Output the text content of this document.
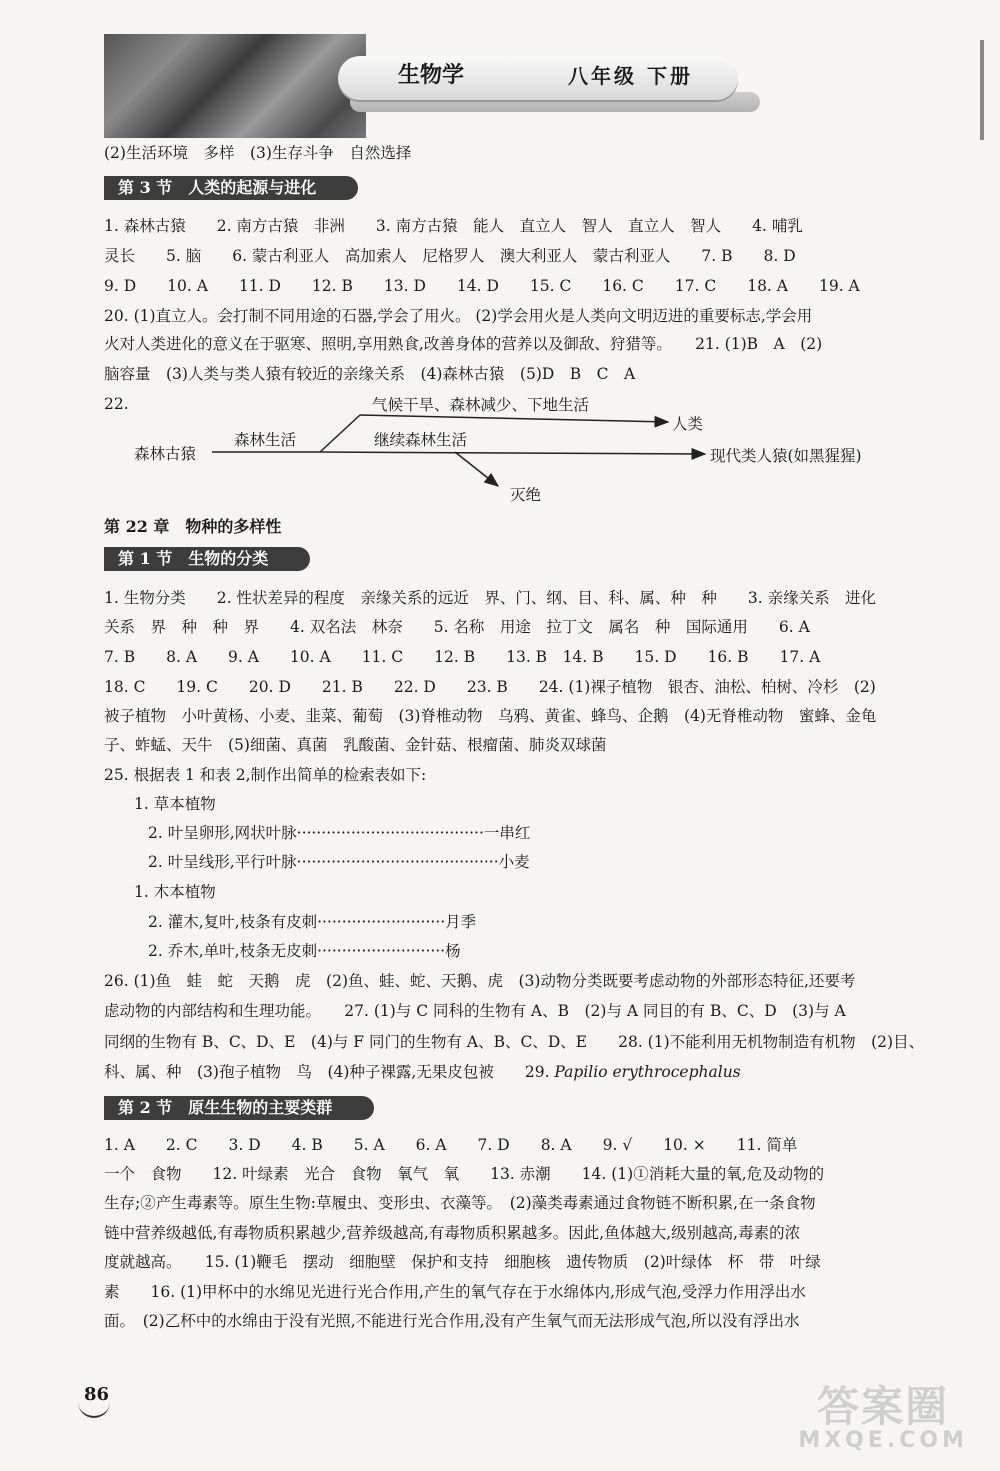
生物学	八年级 下册
(2)生活环境　多样　(3)生存斗争　自然选择
第 3 节　人类的起源与进化
1. 森林古猿　　2. 南方古猿　非洲　　3. 南方古猿　能人　直立人　智人　直立人　智人　　4. 哺乳
灵长　　5. 脑　　6. 蒙古利亚人　高加索人　尼格罗人　澳大利亚人　蒙古利亚人　　7. B　　8. D
9. D　　10. A　　11. D　　12. B　　13. D　　14. D　　15. C　　16. C　　17. C　　18. A　　19. A
20. (1)直立人。会打制不同用途的石器,学会了用火。 (2)学会用火是人类向文明迈进的重要标志,学会用
火对人类进化的意义在于驱寒、照明,享用熟食,改善身体的营养以及御敌、狩猎等。　　21. (1)B　A　(2)
脑容量　(3)人类与类人猿有较近的亲缘关系　(4)森林古猿　(5)D　B　C　A
22.
森林古猿
森林生活
气候干旱、森林减少、下地生活
人类
继续森林生活
现代类人猿(如黑猩猩)
灭绝
第 22 章　物种的多样性
第 1 节　生物的分类
1. 生物分类　　2. 性状差异的程度　亲缘关系的远近　界、门、纲、目、科、属、种　种　　3. 亲缘关系　进化
关系　界　种　种　界　　4. 双名法　林奈　　5. 名称　用途　拉丁文　属名　种　国际通用　　6. A
7. B　　8. A　　9. A　　10. A　　11. C　　12. B　　13. B　14. B　　15. D　　16. B　　17. A
18. C　　19. C　　20. D　　21. B　　22. D　　23. B　　24. (1)裸子植物　银杏、油松、柏树、冷杉　(2)
被子植物　小叶黄杨、小麦、韭菜、葡萄　(3)脊椎动物　乌鸦、黄雀、蜂鸟、企鹅　(4)无脊椎动物　蜜蜂、金龟
子、蚱蜢、天牛　(5)细菌、真菌　乳酸菌、金针菇、根瘤菌、肺炎双球菌
25. 根据表 1 和表 2,制作出简单的检索表如下:
1. 草本植物
2. 叶呈卵形,网状叶脉······································一串红
2. 叶呈线形,平行叶脉·········································小麦
1. 木本植物
2. 灌木,复叶,枝条有皮刺··························月季
2. 乔木,单叶,枝条无皮刺··························杨
26. (1)鱼　蛙　蛇　天鹅　虎　(2)鱼、蛙、蛇、天鹅、虎　(3)动物分类既要考虑动物的外部形态特征,还要考
虑动物的内部结构和生理功能。　　27. (1)与 C 同科的生物有 A、B　(2)与 A 同目的有 B、C、D　(3)与 A
同纲的生物有 B、C、D、E　(4)与 F 同门的生物有 A、B、C、D、E　　28. (1)不能利用无机物制造有机物　(2)目、
科、属、种　(3)孢子植物　鸟　(4)种子裸露,无果皮包被　　29. Papilio erythrocephalus
第 2 节　原生生物的主要类群
1. A　　2. C　　3. D　　4. B　　5. A　　6. A　　7. D　　8. A　　9. √　　10. ×　　11. 简单
一个　食物　　12. 叶绿素　光合　食物　氧气　氧　　13. 赤潮　　14. (1)①消耗大量的氧,危及动物的
生存;②产生毒素等。原生生物:草履虫、变形虫、衣藻等。　(2)藻类毒素通过食物链不断积累,在一条食物
链中营养级越低,有毒物质积累越少,营养级越高,有毒物质积累越多。因此,鱼体越大,级别越高,毒素的浓
度就越高。　　15. (1)鞭毛　摆动　细胞壁　保护和支持　细胞核　遗传物质　(2)叶绿体　杯　带　叶绿
素　　16. (1)甲杯中的水绵见光进行光合作用,产生的氧气存在于水绵体内,形成气泡,受浮力作用浮出水
面。　(2)乙杯中的水绵由于没有光照,不能进行光合作用,没有产生氧气而无法形成气泡,所以没有浮出水
86	答案圈
MXQE.COM
